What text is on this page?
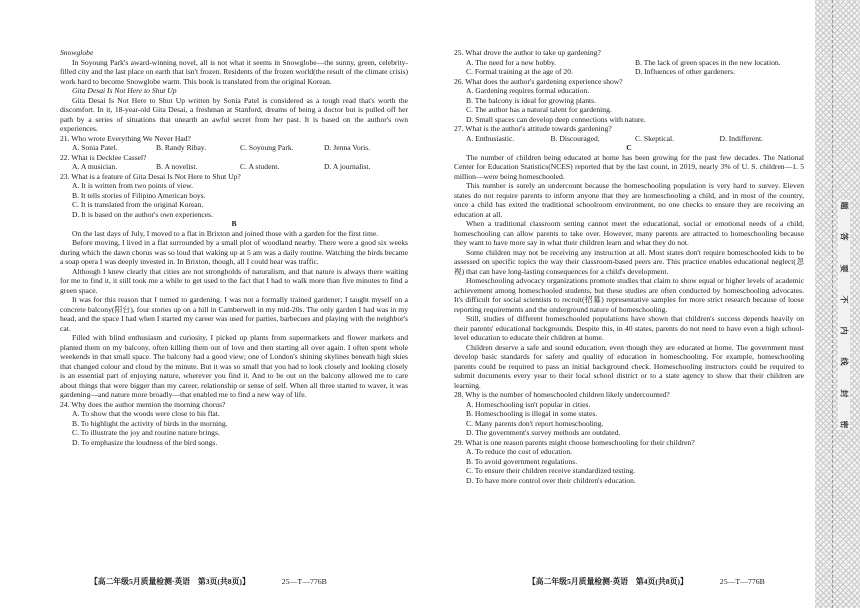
Snowglobe

In Soyoung Park's award-winning novel, all is not what it seems in Snowglobe—the sunny, green, celebrity-filled city and the last place on earth that isn't frozen. Residents of the frozen world(the result of the climate crisis) work hard to become Snowglobe warm. This book is translated from the original Korean.

Gita Desai Is Not Here to Shut Up

Gita Desai Is Not Here to Shut Up written by Sonia Patel is considered as a tough read that's worth the discomfort. In it, 18-year-old Gita Desai, a freshman at Stanford, dreams of being a doctor but is pulled off her path by a series of situations that unearth an awful secret from her past. It is based on the author's own experiences.

21. Who wrote Everything We Never Had?

A. Sonia Patel.	B. Randy Ribay.	C. Soyoung Park.	D. Jenna Voris.

22. What is Decklee Cassel?

A. A musician.	B. A novelist.	C. A student.	D. A journalist.

23. What is a feature of Gita Desai Is Not Here to Shut Up?

A. It is written from two points of view.

B. It tells stories of Filipino American boys.

C. It is translated from the original Korean.

D. It is based on the author's own experiences.

B

On the last days of July, I moved to a flat in Brixton and joined those with a garden for the first time.

Before moving, I lived in a flat surrounded by a small plot of woodland nearby. There were a good six weeks during which the dawn chorus was so loud that waking up at 5 am was a daily routine. Watching the birds became a soap opera I was deeply invested in. In Brixton, though, all I could hear was traffic.

Although I knew clearly that cities are not strongholds of naturalism, and that nature is always there waiting for me to find it, it still took me a while to get used to the fact that I had to walk more than five minutes to find a green space.

It was for this reason that I turned to gardening. I was not a formally trained gardener; I taught myself on a concrete balcony(阳台), four stories up on a hill in Camberwell in my mid-20s. The only garden I had was in my head, and the space I had when I started my career was used for parties, barbecues and playing with the neighbor's cat.

Filled with blind enthusiasm and curiosity, I picked up plants from supermarkets and flower markets and planted them on my balcony, often killing them out of love and then starting all over again. I often spent whole weekends in that small space. The balcony had a good view; one of London's shining skylines beneath high skies that changed colour and cloud by the minute. But it was so small that you had to look closely and looking closely is an essential part of enjoying nature, wherever you find it. And to be out on the balcony allowed me to care about things that were bigger than my career, relationship or sense of self. When all three started to waver, it was gardening—and nature more broadly—that enabled me to find a new way of life.

24. Why does the author mention the morning chorus?

A. To show that the woods were close to his flat.

B. To highlight the activity of birds in the morning.

C. To illustrate the joy and routine nature brings.

D. To emphasize the loudness of the bird songs.

【高二年级5月质量检测·英语　第3页(共8页)】	25—T—776B

25. What drove the author to take up gardening?

A. The need for a new hobby.	B. The lack of green spaces in the new location.
C. Formal training at the age of 20.	D. Influences of other gardeners.

26. What does the author's gardening experience show?

A. Gardening requires formal education.

B. The balcony is ideal for growing plants.

C. The author has a natural talent for gardening.

D. Small spaces can develop deep connections with nature.

27. What is the author's attitude towards gardening?

A. Enthusiastic.	B. Discouraged.	C. Skeptical.	D. Indifferent.

C

The number of children being educated at home has been growing for the past few decades. The National Center for Education Statistics(NCES) reported that by the last count, in 2019, nearly 3% of U. S. children—1. 5 million—were being homeschooled.

This number is surely an undercount because the homeschooling population is very hard to survey. Eleven states do not require parents to inform anyone that they are homeschooling a child, and in most of the country, once a child has exited the traditional schoolroom environment, no one checks to ensure they are receiving an education at all.

When a traditional classroom setting cannot meet the educational, social or emotional needs of a child, homeschooling can allow parents to take over. However, many parents are attracted to homeschooling because they want to have more say in what their children learn and what they do not.

Some children may not be receiving any instruction at all. Most states don't require homeschooled kids to be assessed on specific topics the way their classroom-based peers are. This practice enables educational neglect(忽视) that can have long-lasting consequences for a child's development.

Homeschooling advocacy organizations promote studies that claim to show equal or higher levels of academic achievement among homeschooled students, but these studies are often conducted by homeschooling advocates. It's difficult for social scientists to recruit(招募) representative samples for more strict research because of loose reporting requirements and the underground nature of homeschooling.

Still, studies of different homeschooled populations have shown that children's success depends heavily on their parents' educational backgrounds. Despite this, in 40 states, parents do not need to have even a high school-level education to educate their children at home.

Children deserve a safe and sound education, even though they are educated at home. The government must develop basic standards for safety and quality of education in homeschooling. For example, homeschooling parents could be required to pass an initial background check. Homeschooling instructors could be required to submit documents every year to their local school district or to a state agency to show that their children are learning.

28. Why is the number of homeschooled children likely undercounted?

A. Homeschooling isn't popular in cities.

B. Homeschooling is illegal in some states.

C. Many parents don't report homeschooling.

D. The government's survey methods are outdated.

29. What is one reason parents might choose homeschooling for their children?

A. To reduce the cost of education.

B. To avoid government regulations.

C. To ensure their children receive standardized testing.

D. To have more control over their children's education.

【高二年级5月质量检测·英语　第4页(共8页)】	25—T—776B
题
答
要
不
内
线
封
密
